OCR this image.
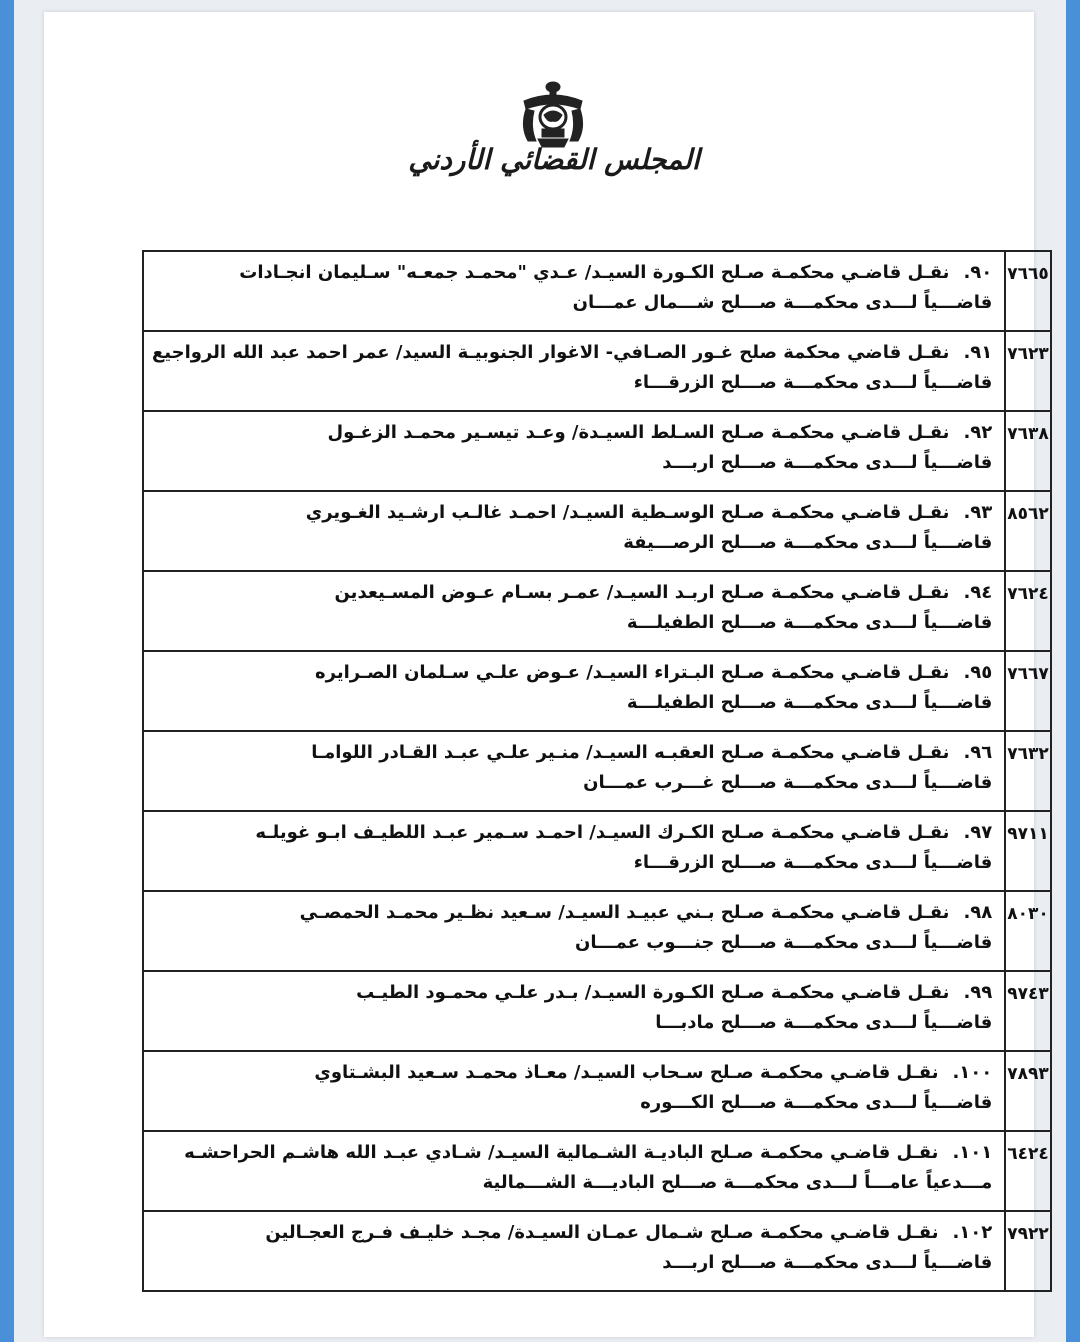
المجلس القضائي الأردني
٧٦٦٥	٩٠.نقـل قاضـي محكمـة صـلح الكـورة السيـد/ عـدي "محمـد جمعـه" سـليمان انجـادات
قاضـــياً لـــدى محكمـــة صـــلح شـــمال عمـــان

٧٦٢٣	٩١.نقـل قاضي محكمة صلح غـور الصـافي- الاغوار الجنوبيـة السيد/ عمر احمد عبد الله الرواجيع
قاضـــياً لـــدى محكمـــة صـــلح الزرقـــاء

٧٦٣٨	٩٢.نقـل قاضـي محكمـة صـلح السـلط السيـدة/ وعـد تيسـير محمـد الزغـول
قاضـــياً لـــدى محكمـــة صـــلح اربـــد

٨٥٦٢	٩٣.نقـل قاضـي محكمـة صـلح الوسـطية السيـد/ احمـد غالـب ارشـيد الغـويري
قاضـــياً لـــدى محكمـــة صـــلح الرصـــيفة

٧٦٢٤	٩٤.نقـل قاضـي محكمـة صـلح اربـد السيـد/ عمـر بسـام عـوض المسـيعدين
قاضـــياً لـــدى محكمـــة صـــلح الطفيلـــة

٧٦٦٧	٩٥.نقـل قاضـي محكمـة صـلح البـتراء السيـد/ عـوض علـي سـلمان الصـرايره
قاضـــياً لـــدى محكمـــة صـــلح الطفيلـــة

٧٦٣٢	٩٦.نقـل قاضـي محكمـة صـلح العقبـه السيـد/ منـير علـي عبـد القـادر اللوامـا
قاضـــياً لـــدى محكمـــة صـــلح غـــرب عمـــان

٩٧١١	٩٧.نقـل قاضـي محكمـة صـلح الكـرك السيـد/ احمـد سـمير عبـد اللطيـف ابـو غويلـه
قاضـــياً لـــدى محكمـــة صـــلح الزرقـــاء

٨٠٣٠	٩٨.نقـل قاضـي محكمـة صـلح بـني عبيـد السيـد/ سـعيد نظـير محمـد الحمصـي
قاضـــياً لـــدى محكمـــة صـــلح جنـــوب عمـــان

٩٧٤٣	٩٩.نقـل قاضـي محكمـة صـلح الكـورة السيـد/ بـدر علـي محمـود الطيـب
قاضـــياً لـــدى محكمـــة صـــلح مادبـــا

٧٨٩٣	١٠٠.نقـل قاضـي محكمـة صـلح سـحاب السيـد/ معـاذ محمـد سـعيد البشـتاوي
قاضـــياً لـــدى محكمـــة صـــلح الكـــوره

٦٤٢٤	١٠١.نقـل قاضـي محكمـة صـلح الباديـة الشـمالية السيـد/ شـادي عبـد الله هاشـم الحراحشـه
مـــدعياً عامـــاً لـــدى محكمـــة صـــلح الباديـــة الشـــمالية

٧٩٢٢	١٠٢.نقـل قاضـي محكمـة صـلح شـمال عمـان السيـدة/ مجـد خليـف فـرج العجـالين
قاضـــياً لـــدى محكمـــة صـــلح اربـــد
